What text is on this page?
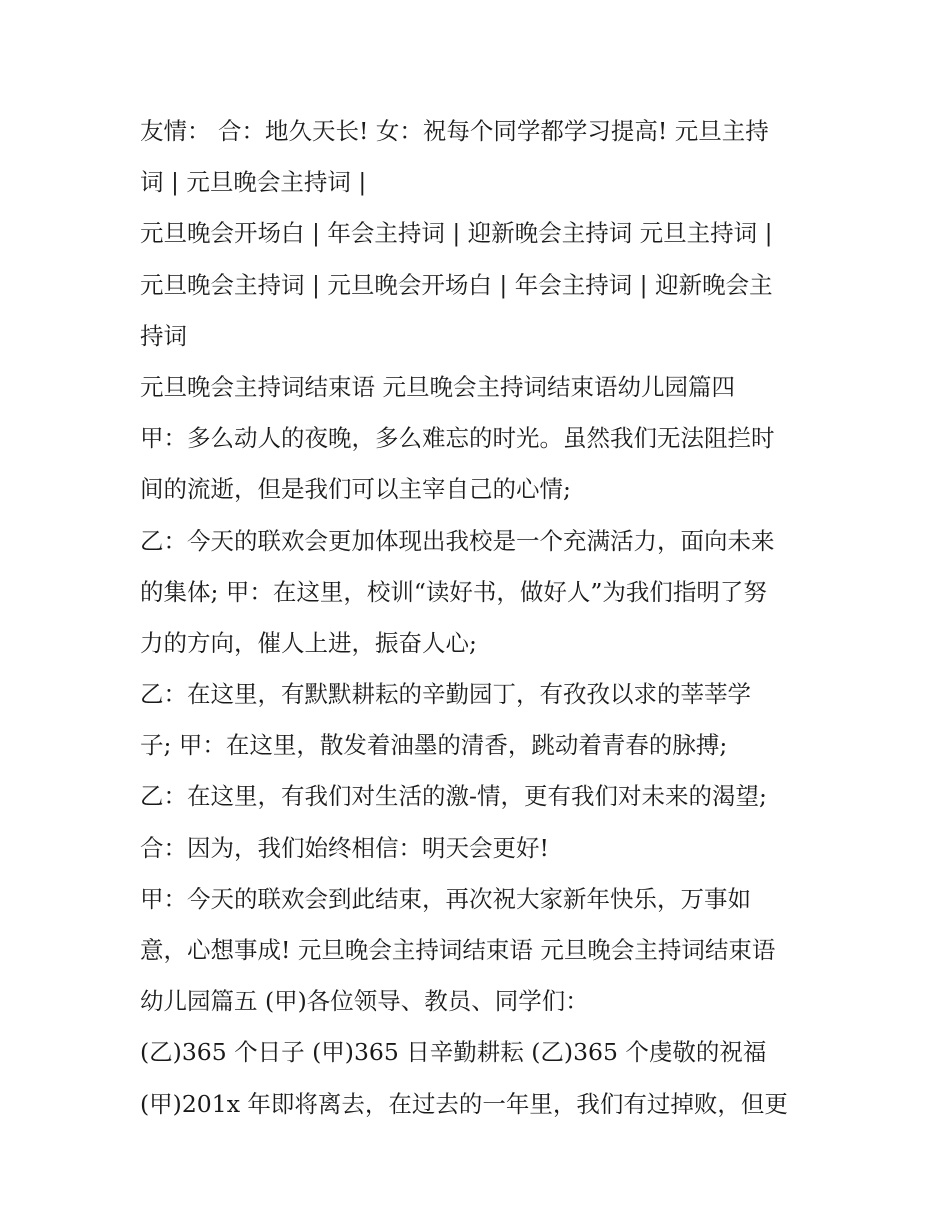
友情： 合：地久天长! 女：祝每个同学都学习提高! 元旦主持
词 | 元旦晚会主持词 |
元旦晚会开场白 | 年会主持词 | 迎新晚会主持词 元旦主持词 |
元旦晚会主持词 | 元旦晚会开场白 | 年会主持词 | 迎新晚会主
持词
元旦晚会主持词结束语 元旦晚会主持词结束语幼儿园篇四
甲：多么动人的夜晚，多么难忘的时光。虽然我们无法阻拦时
间的流逝，但是我们可以主宰自己的心情;
乙：今天的联欢会更加体现出我校是一个充满活力，面向未来
的集体; 甲：在这里，校训“读好书，做好人”为我们指明了努
力的方向，催人上进，振奋人心;
乙：在这里，有默默耕耘的辛勤园丁，有孜孜以求的莘莘学
子; 甲：在这里，散发着油墨的清香，跳动着青春的脉搏;
乙：在这里，有我们对生活的激-情，更有我们对未来的渴望;
合：因为，我们始终相信：明天会更好!
甲：今天的联欢会到此结束，再次祝大家新年快乐，万事如
意，心想事成! 元旦晚会主持词结束语 元旦晚会主持词结束语
幼儿园篇五 (甲)各位领导、教员、同学们：
(乙)365 个日子 (甲)365 日辛勤耕耘 (乙)365 个虔敬的祝福
(甲)201x 年即将离去，在过去的一年里，我们有过掉败，但更
